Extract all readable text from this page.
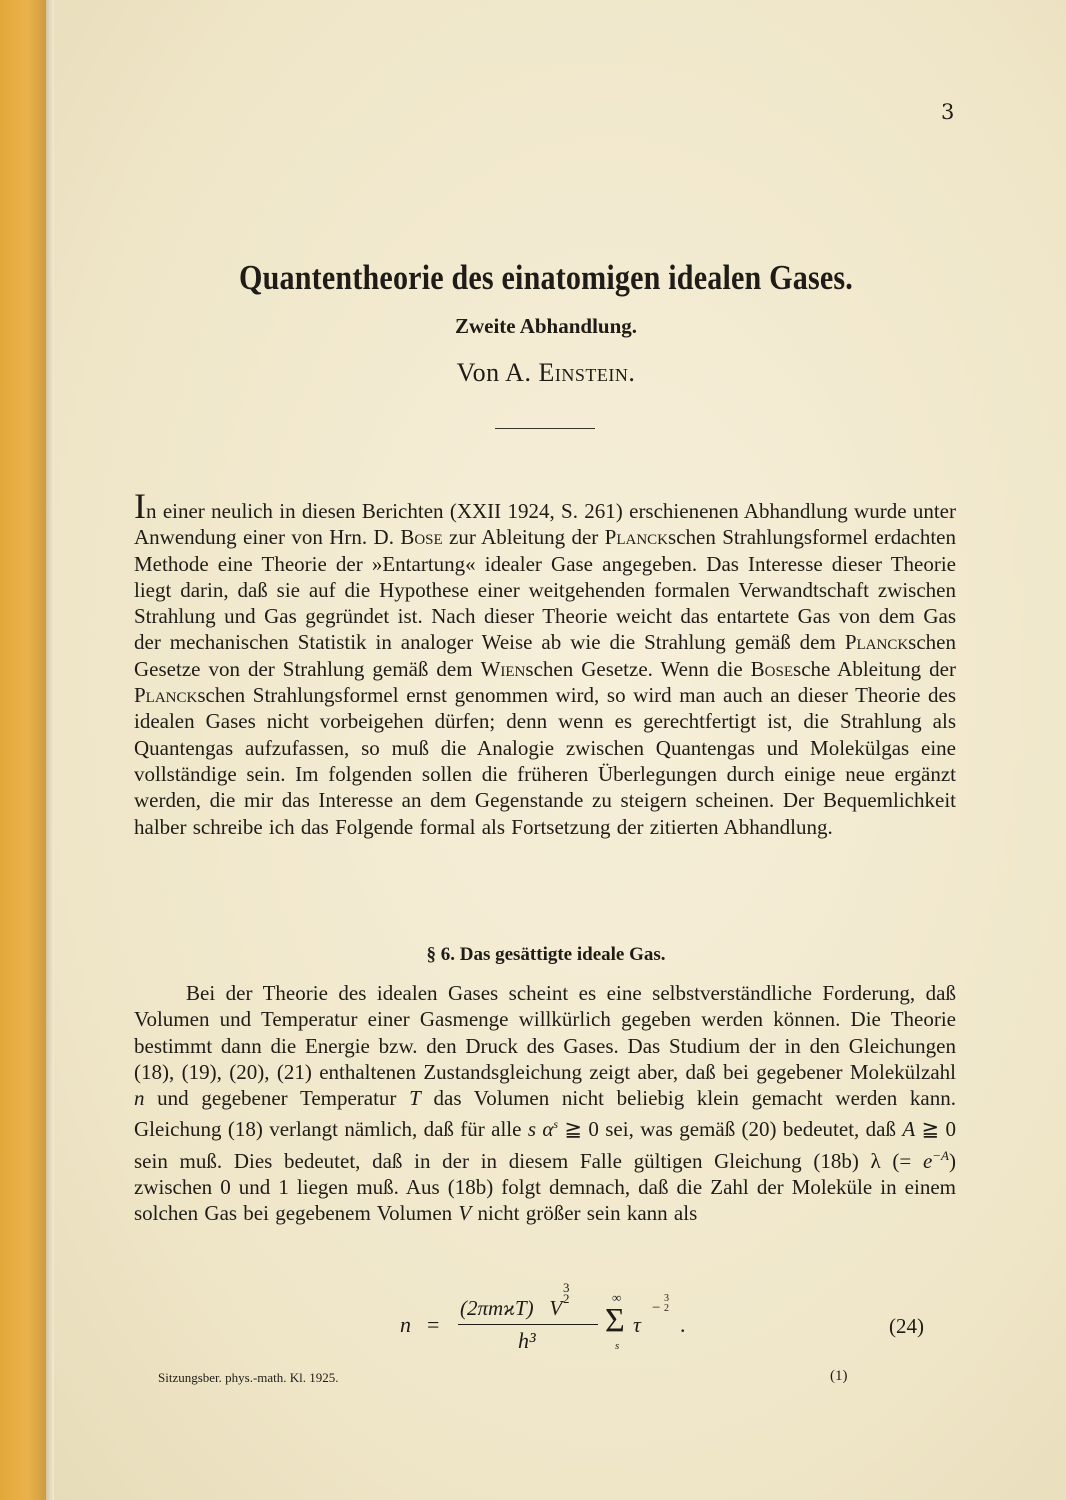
3
Quantentheorie des einatomigen idealen Gases.
Zweite Abhandlung.
Von A. Einstein.

In einer neulich in diesen Berichten (XXII 1924, S. 261) erschienenen Abhandlung wurde unter Anwendung einer von Hrn. D. Bose zur Ableitung der Planckschen Strahlungsformel erdachten Methode eine Theorie der »Entartung« idealer Gase angegeben. Das Interesse dieser Theorie liegt darin, daß sie auf die Hypothese einer weitgehenden formalen Verwandtschaft zwischen Strahlung und Gas gegründet ist. Nach dieser Theorie weicht das entartete Gas von dem Gas der mechanischen Statistik in analoger Weise ab wie die Strahlung gemäß dem Planckschen Gesetze von der Strahlung gemäß dem Wienschen Gesetze. Wenn die Bosesche Ableitung der Planckschen Strahlungsformel ernst genommen wird, so wird man auch an dieser Theorie des idealen Gases nicht vorbeigehen dürfen; denn wenn es gerechtfertigt ist, die Strahlung als Quantengas aufzufassen, so muß die Analogie zwischen Quantengas und Molekülgas eine vollständige sein. Im folgenden sollen die früheren Überlegungen durch einige neue ergänzt werden, die mir das Interesse an dem Gegenstande zu steigern scheinen. Der Bequemlichkeit halber schreibe ich das Folgende formal als Fortsetzung der zitierten Abhandlung.

§ 6. Das gesättigte ideale Gas.

Bei der Theorie des idealen Gases scheint es eine selbstverständliche Forderung, daß Volumen und Temperatur einer Gasmenge willkürlich gegeben werden können. Die Theorie bestimmt dann die Energie bzw. den Druck des Gases. Das Studium der in den Gleichungen (18), (19), (20), (21) enthaltenen Zustandsgleichung zeigt aber, daß bei gegebener Molekülzahl n und gegebener Temperatur T das Volumen nicht beliebig klein gemacht werden kann. Gleichung (18) verlangt nämlich, daß für alle s $\alpha^s$ ≧ 0 sei, was gemäß (20) bedeutet, daß A ≧ 0 sein muß. Dies bedeutet, daß in der in diesem Falle gültigen Gleichung (18b) λ (= $e^{-A}$) zwischen 0 und 1 liegen muß. Aus (18b) folgt demnach, daß die Zahl der Moleküle in einem solchen Gas bei gegebenem Volumen V nicht größer sein kann als

n =
(2πmϰT) V
3
2
h³
∞
Σ
s
τ
−
3
2
.	(24)
Sitzungsber. phys.-math. Kl. 1925.	(1)
